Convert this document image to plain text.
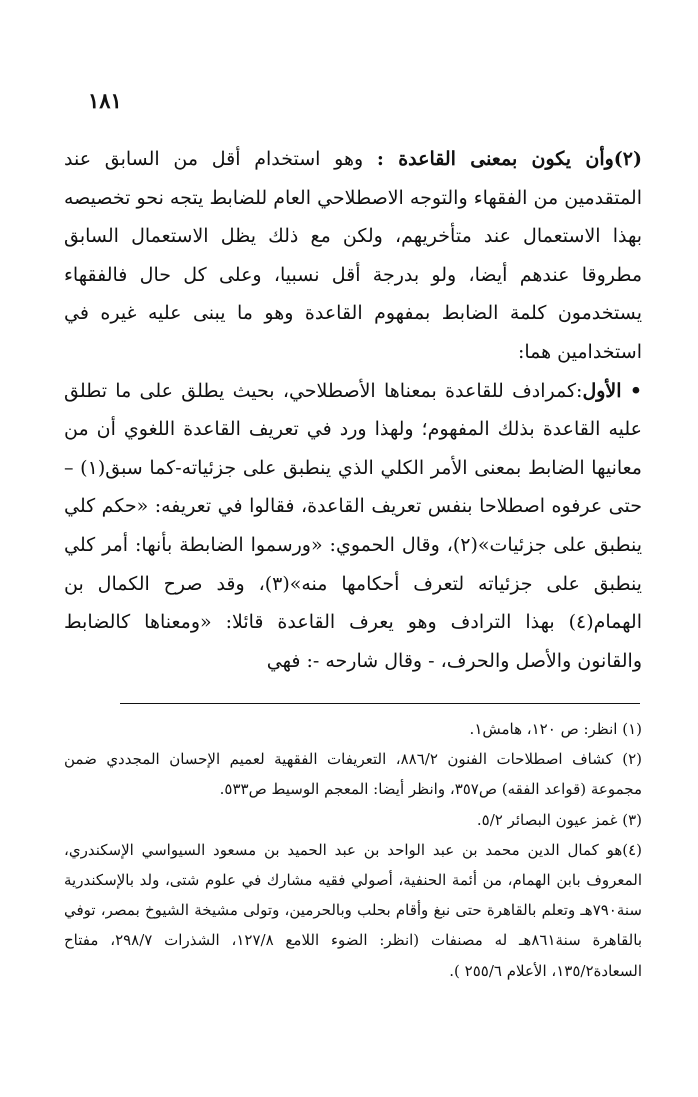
١٨١

(٢)وأن يكون بمعنى القاعدة : وهو استخدام أقل من السابق عند المتقدمين من الفقهاء والتوجه الاصطلاحي العام للضابط يتجه نحو تخصيصه بهذا الاستعمال عند متأخريهم، ولكن مع ذلك يظل الاستعمال السابق مطروقا عندهم أيضا، ولو بدرجة أقل نسبيا، وعلى كل حال فالفقهاء يستخدمون كلمة الضابط بمفهوم القاعدة وهو ما يبنى عليه غيره في استخدامين هما:

• الأول:كمرادف للقاعدة بمعناها الأصطلاحي، بحيث يطلق على ما تطلق عليه القاعدة بذلك المفهوم؛ ولهذا ورد في تعريف القاعدة اللغوي أن من معانيها الضابط بمعنى الأمر الكلي الذي ينطبق على جزئياته-كما سبق(١) – حتى عرفوه اصطلاحا بنفس تعريف القاعدة، فقالوا في تعريفه: «حكم كلي ينطبق على جزئيات»(٢)، وقال الحموي: «ورسموا الضابطة بأنها: أمر كلي ينطبق على جزئياته لتعرف أحكامها منه»(٣)، وقد صرح الكمال بن الهمام(٤) بهذا الترادف وهو يعرف القاعدة قائلا: «ومعناها كالضابط والقانون والأصل والحرف، - وقال شارحه -: فهي

(١) انظر: ص ١٢٠، هامش١.

(٢) كشاف اصطلاحات الفنون ٨٨٦/٢، التعريفات الفقهية لعميم الإحسان المجددي ضمن مجموعة (قواعد الفقه) ص٣٥٧، وانظر أيضا: المعجم الوسيط ص٥٣٣.

(٣) غمز عيون البصائر ٥/٢.

(٤)هو كمال الدين محمد بن عبد الواحد بن عبد الحميد بن مسعود السيواسي الإسكندري، المعروف بابن الهمام، من أئمة الحنفية، أصولي فقيه مشارك في علوم شتى، ولد بالإسكندرية سنة٧٩٠هـ وتعلم بالقاهرة حتى نبغ وأقام بحلب وبالحرمين، وتولى مشيخة الشيوخ بمصر، توفي بالقاهرة سنة٨٦١هـ له مصنفات (انظر: الضوء اللامع ١٢٧/٨، الشذرات ٢٩٨/٧، مفتاح السعادة١٣٥/٢، الأعلام ٢٥٥/٦ ).
